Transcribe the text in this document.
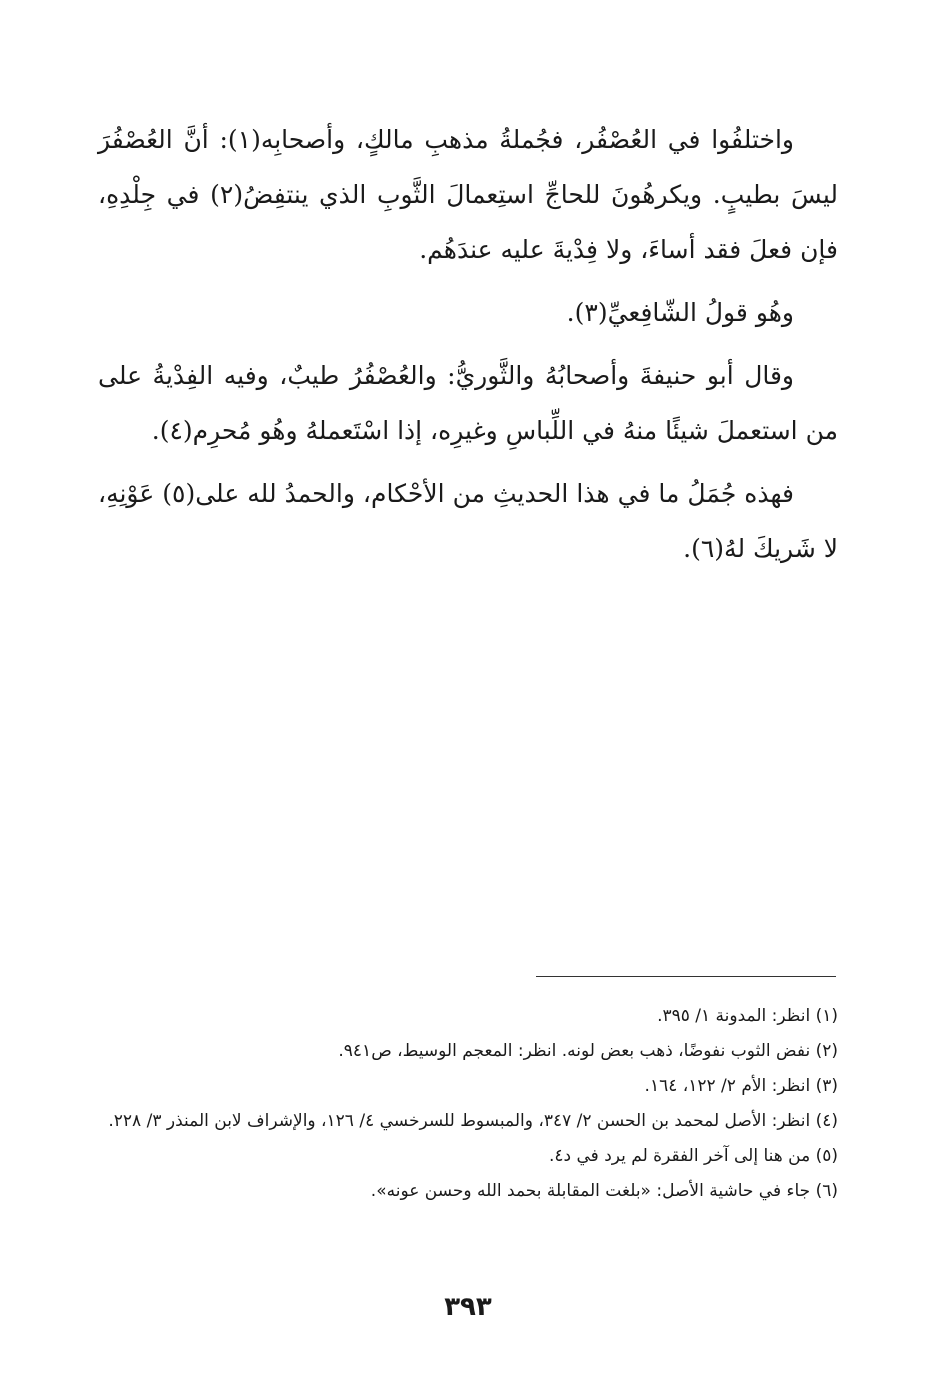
واختلفُوا في العُصْفُر، فجُملةُ مذهبِ مالكٍ، وأصحابِه(١): أنَّ العُصْفُرَ ليسَ بطيبٍ. ويكرهُونَ للحاجِّ استِعمالَ الثَّوبِ الذي ينتفِضُ(٢) في جِلْدِهِ، فإن فعلَ فقد أساءَ، ولا فِدْيةَ عليه عندَهُم.

وهُو قولُ الشّافِعيِّ(٣).

وقال أبو حنيفةَ وأصحابُهُ والثَّوريُّ: والعُصْفُرُ طيبٌ، وفيه الفِدْيةُ على من استعملَ شيئًا منهُ في اللِّباسِ وغيرِه، إذا اسْتَعملهُ وهُو مُحرِم(٤).

فهذه جُمَلُ ما في هذا الحديثِ من الأحْكام، والحمدُ لله على(٥) عَوْنِهِ، لا شَريكَ لهُ(٦).

(١) انظر: المدونة ١/ ٣٩٥.
(٢) نفض الثوب نفوضًا، ذهب بعض لونه. انظر: المعجم الوسيط، ص٩٤١.
(٣) انظر: الأم ٢/ ١٢٢، ١٦٤.
(٤) انظر: الأصل لمحمد بن الحسن ٢/ ٣٤٧، والمبسوط للسرخسي ٤/ ١٢٦، والإشراف لابن المنذر ٣/ ٢٢٨.
(٥) من هنا إلى آخر الفقرة لم يرد في د٤.
(٦) جاء في حاشية الأصل: «بلغت المقابلة بحمد الله وحسن عونه».
٣٩٣
